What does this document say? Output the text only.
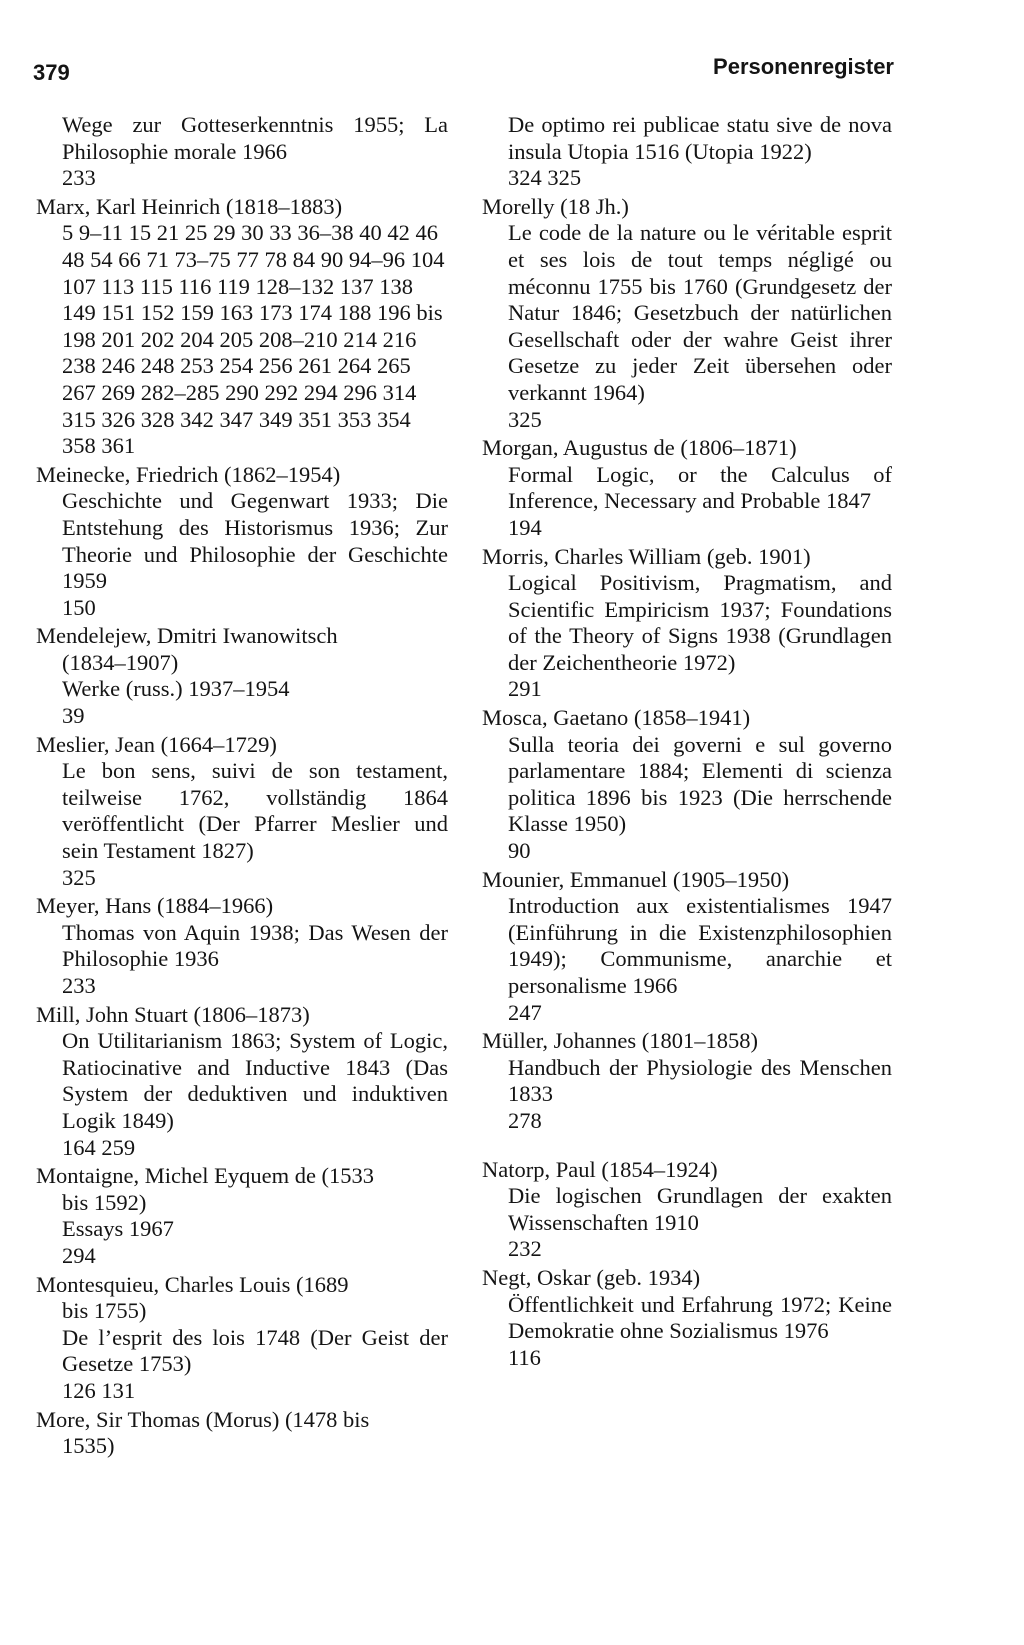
379	Personenregister
Wege zur Gotteserkenntnis 1955; La Philosophie morale 1966
233
Marx, Karl Heinrich (1818–1883)
5 9–11 15 21 25 29 30 33 36–38 40 42 46 48 54 66 71 73–75 77 78 84 90 94–96 104 107 113 115 116 119 128–132 137 138 149 151 152 159 163 173 174 188 196 bis 198 201 202 204 205 208–210 214 216 238 246 248 253 254 256 261 264 265 267 269 282–285 290 292 294 296 314 315 326 328 342 347 349 351 353 354 358 361
Meinecke, Friedrich (1862–1954)
Geschichte und Gegenwart 1933; Die Entstehung des Historismus 1936; Zur Theorie und Philosophie der Geschichte 1959
150
Mendelejew, Dmitri Iwanowitsch
(1834–1907)
Werke (russ.) 1937–1954
39
Meslier, Jean (1664–1729)
Le bon sens, suivi de son testament, teilweise 1762, vollständig 1864 veröffentlicht (Der Pfarrer Meslier und sein Testament 1827)
325
Meyer, Hans (1884–1966)
Thomas von Aquin 1938; Das Wesen der Philosophie 1936
233
Mill, John Stuart (1806–1873)
On Utilitarianism 1863; System of Logic, Ratiocinative and Inductive 1843 (Das System der deduktiven und induktiven Logik 1849)
164 259
Montaigne, Michel Eyquem de (1533
bis 1592)
Essays 1967
294
Montesquieu, Charles Louis (1689
bis 1755)
De l’esprit des lois 1748 (Der Geist der Gesetze 1753)
126 131
More, Sir Thomas (Morus) (1478 bis
1535)
De optimo rei publicae statu sive de nova insula Utopia 1516 (Utopia 1922)
324 325
Morelly (18 Jh.)
Le code de la nature ou le véritable esprit et ses lois de tout temps négligé ou méconnu 1755 bis 1760 (Grundgesetz der Natur 1846; Gesetzbuch der natürlichen Gesellschaft oder der wahre Geist ihrer Gesetze zu jeder Zeit übersehen oder verkannt 1964)
325
Morgan, Augustus de (1806–1871)
Formal Logic, or the Calculus of Inference, Necessary and Probable 1847
194
Morris, Charles William (geb. 1901)
Logical Positivism, Pragmatism, and Scientific Empiricism 1937; Foundations of the Theory of Signs 1938 (Grundlagen der Zeichentheorie 1972)
291
Mosca, Gaetano (1858–1941)
Sulla teoria dei governi e sul governo parlamentare 1884; Elementi di scienza politica 1896 bis 1923 (Die herrschende Klasse 1950)
90
Mounier, Emmanuel (1905–1950)
Introduction aux existentialismes 1947 (Einführung in die Existenzphilosophien 1949); Communisme, anarchie et personalisme 1966
247
Müller, Johannes (1801–1858)
Handbuch der Physiologie des Menschen 1833
278
Natorp, Paul (1854–1924)
Die logischen Grundlagen der exakten Wissenschaften 1910
232
Negt, Oskar (geb. 1934)
Öffentlichkeit und Erfahrung 1972; Keine Demokratie ohne Sozialismus 1976
116
